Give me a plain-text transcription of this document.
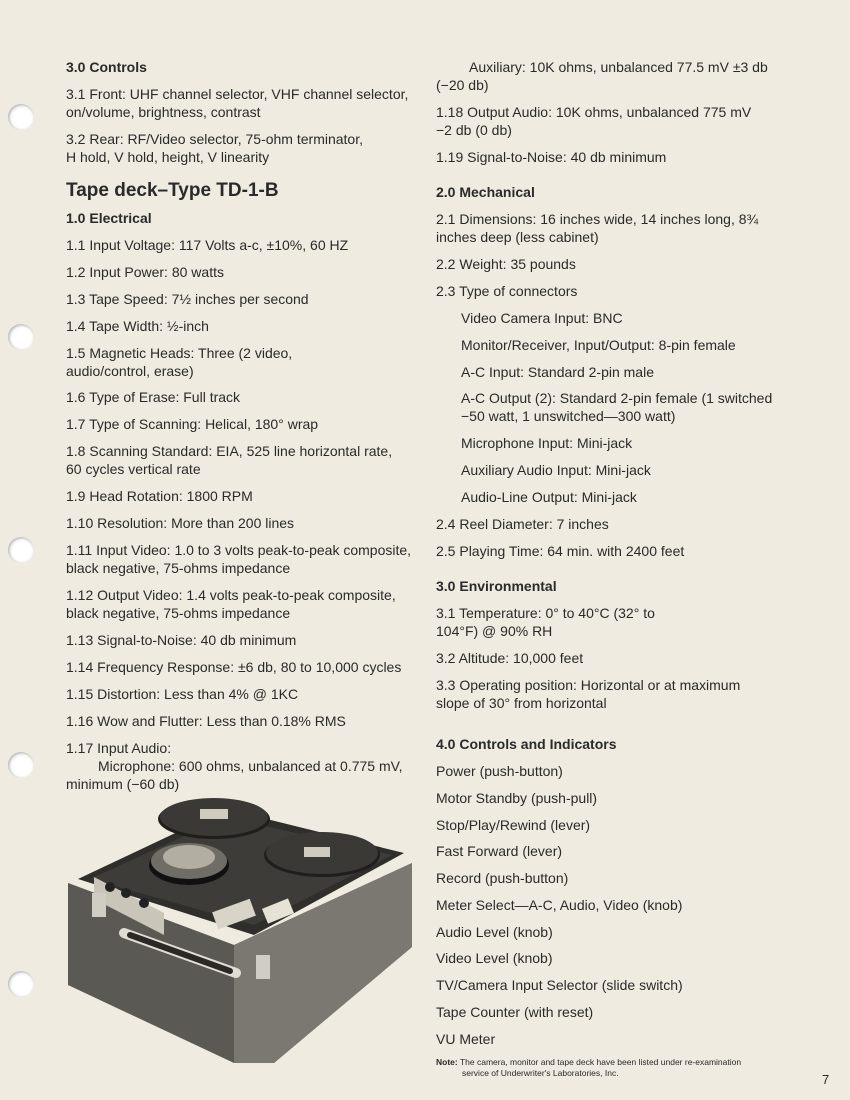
3.0 Controls
3.1 Front: UHF channel selector, VHF channel selector,
on/volume, brightness, contrast
3.2 Rear: RF/Video selector, 75-ohm terminator,
H hold, V hold, height, V linearity
Tape deck–Type TD-1-B
1.0 Electrical
1.1 Input Voltage: 117 Volts a-c, ±10%, 60 HZ
1.2 Input Power: 80 watts
1.3 Tape Speed: 7½ inches per second
1.4 Tape Width: ½-inch
1.5 Magnetic Heads: Three (2 video,
audio/control, erase)
1.6 Type of Erase: Full track
1.7 Type of Scanning: Helical, 180° wrap
1.8 Scanning Standard: EIA, 525 line horizontal rate,
60 cycles vertical rate
1.9 Head Rotation: 1800 RPM
1.10 Resolution: More than 200 lines
1.11 Input Video: 1.0 to 3 volts peak-to-peak composite,
black negative, 75-ohms impedance
1.12 Output Video: 1.4 volts peak-to-peak composite,
black negative, 75-ohms impedance
1.13 Signal-to-Noise: 40 db minimum
1.14 Frequency Response: ±6 db, 80 to 10,000 cycles
1.15 Distortion: Less than 4% @ 1KC
1.16 Wow and Flutter: Less than 0.18% RMS
1.17 Input Audio:
Microphone: 600 ohms, unbalanced at 0.775 mV,
minimum (−60 db)
Auxiliary: 10K ohms, unbalanced 77.5 mV ±3 db
(−20 db)
1.18 Output Audio: 10K ohms, unbalanced 775 mV
−2 db (0 db)
1.19 Signal-to-Noise: 40 db minimum
2.0 Mechanical
2.1 Dimensions: 16 inches wide, 14 inches long, 8¾
inches deep (less cabinet)
2.2 Weight: 35 pounds
2.3 Type of connectors
Video Camera Input: BNC
Monitor/Receiver, Input/Output: 8-pin female
A-C Input: Standard 2-pin male
A-C Output (2): Standard 2-pin female (1 switched
−50 watt, 1 unswitched—300 watt)
Microphone Input: Mini-jack
Auxiliary Audio Input: Mini-jack
Audio-Line Output: Mini-jack
2.4 Reel Diameter: 7 inches
2.5 Playing Time: 64 min. with 2400 feet
3.0 Environmental
3.1 Temperature: 0° to 40°C (32° to
104°F) @ 90% RH
3.2 Altitude: 10,000 feet
3.3 Operating position: Horizontal or at maximum
slope of 30° from horizontal
4.0 Controls and Indicators
Power (push-button)
Motor Standby (push-pull)
Stop/Play/Rewind (lever)
Fast Forward (lever)
Record (push-button)
Meter Select—A-C, Audio, Video (knob)
Audio Level (knob)
Video Level (knob)
TV/Camera Input Selector (slide switch)
Tape Counter (with reset)
VU Meter
Note: The camera, monitor and tape deck have been listed under re-examination
service of Underwriter's Laboratories, Inc.	7
